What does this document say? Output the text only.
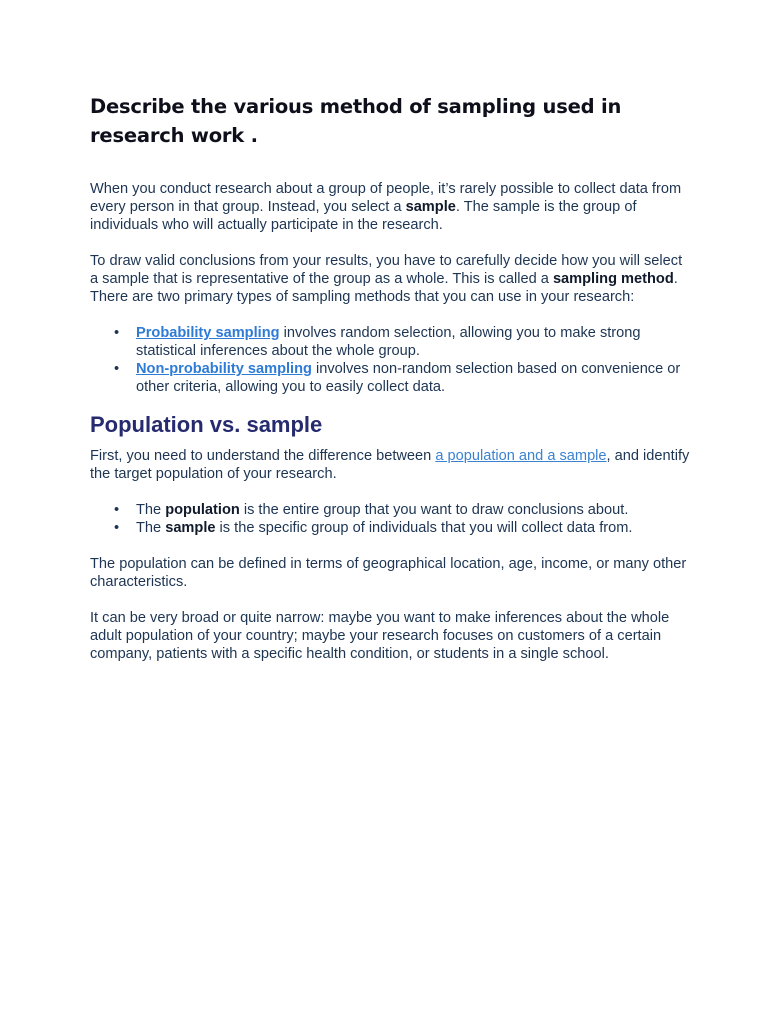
Describe the various method of sampling used in research work .

When you conduct research about a group of people, it’s rarely possible to collect data from every person in that group. Instead, you select a sample. The sample is the group of individuals who will actually participate in the research.

To draw valid conclusions from your results, you have to carefully decide how you will select a sample that is representative of the group as a whole. This is called a sampling method. There are two primary types of sampling methods that you can use in your research:

• Probability sampling involves random selection, allowing you to make strong statistical inferences about the whole group.
• Non-probability sampling involves non-random selection based on convenience or other criteria, allowing you to easily collect data.
Population vs. sample

First, you need to understand the difference between a population and a sample, and identify the target population of your research.

• The population is the entire group that you want to draw conclusions about.
• The sample is the specific group of individuals that you will collect data from.

The population can be defined in terms of geographical location, age, income, or many other characteristics.

It can be very broad or quite narrow: maybe you want to make inferences about the whole adult population of your country; maybe your research focuses on customers of a certain company, patients with a specific health condition, or students in a single school.
